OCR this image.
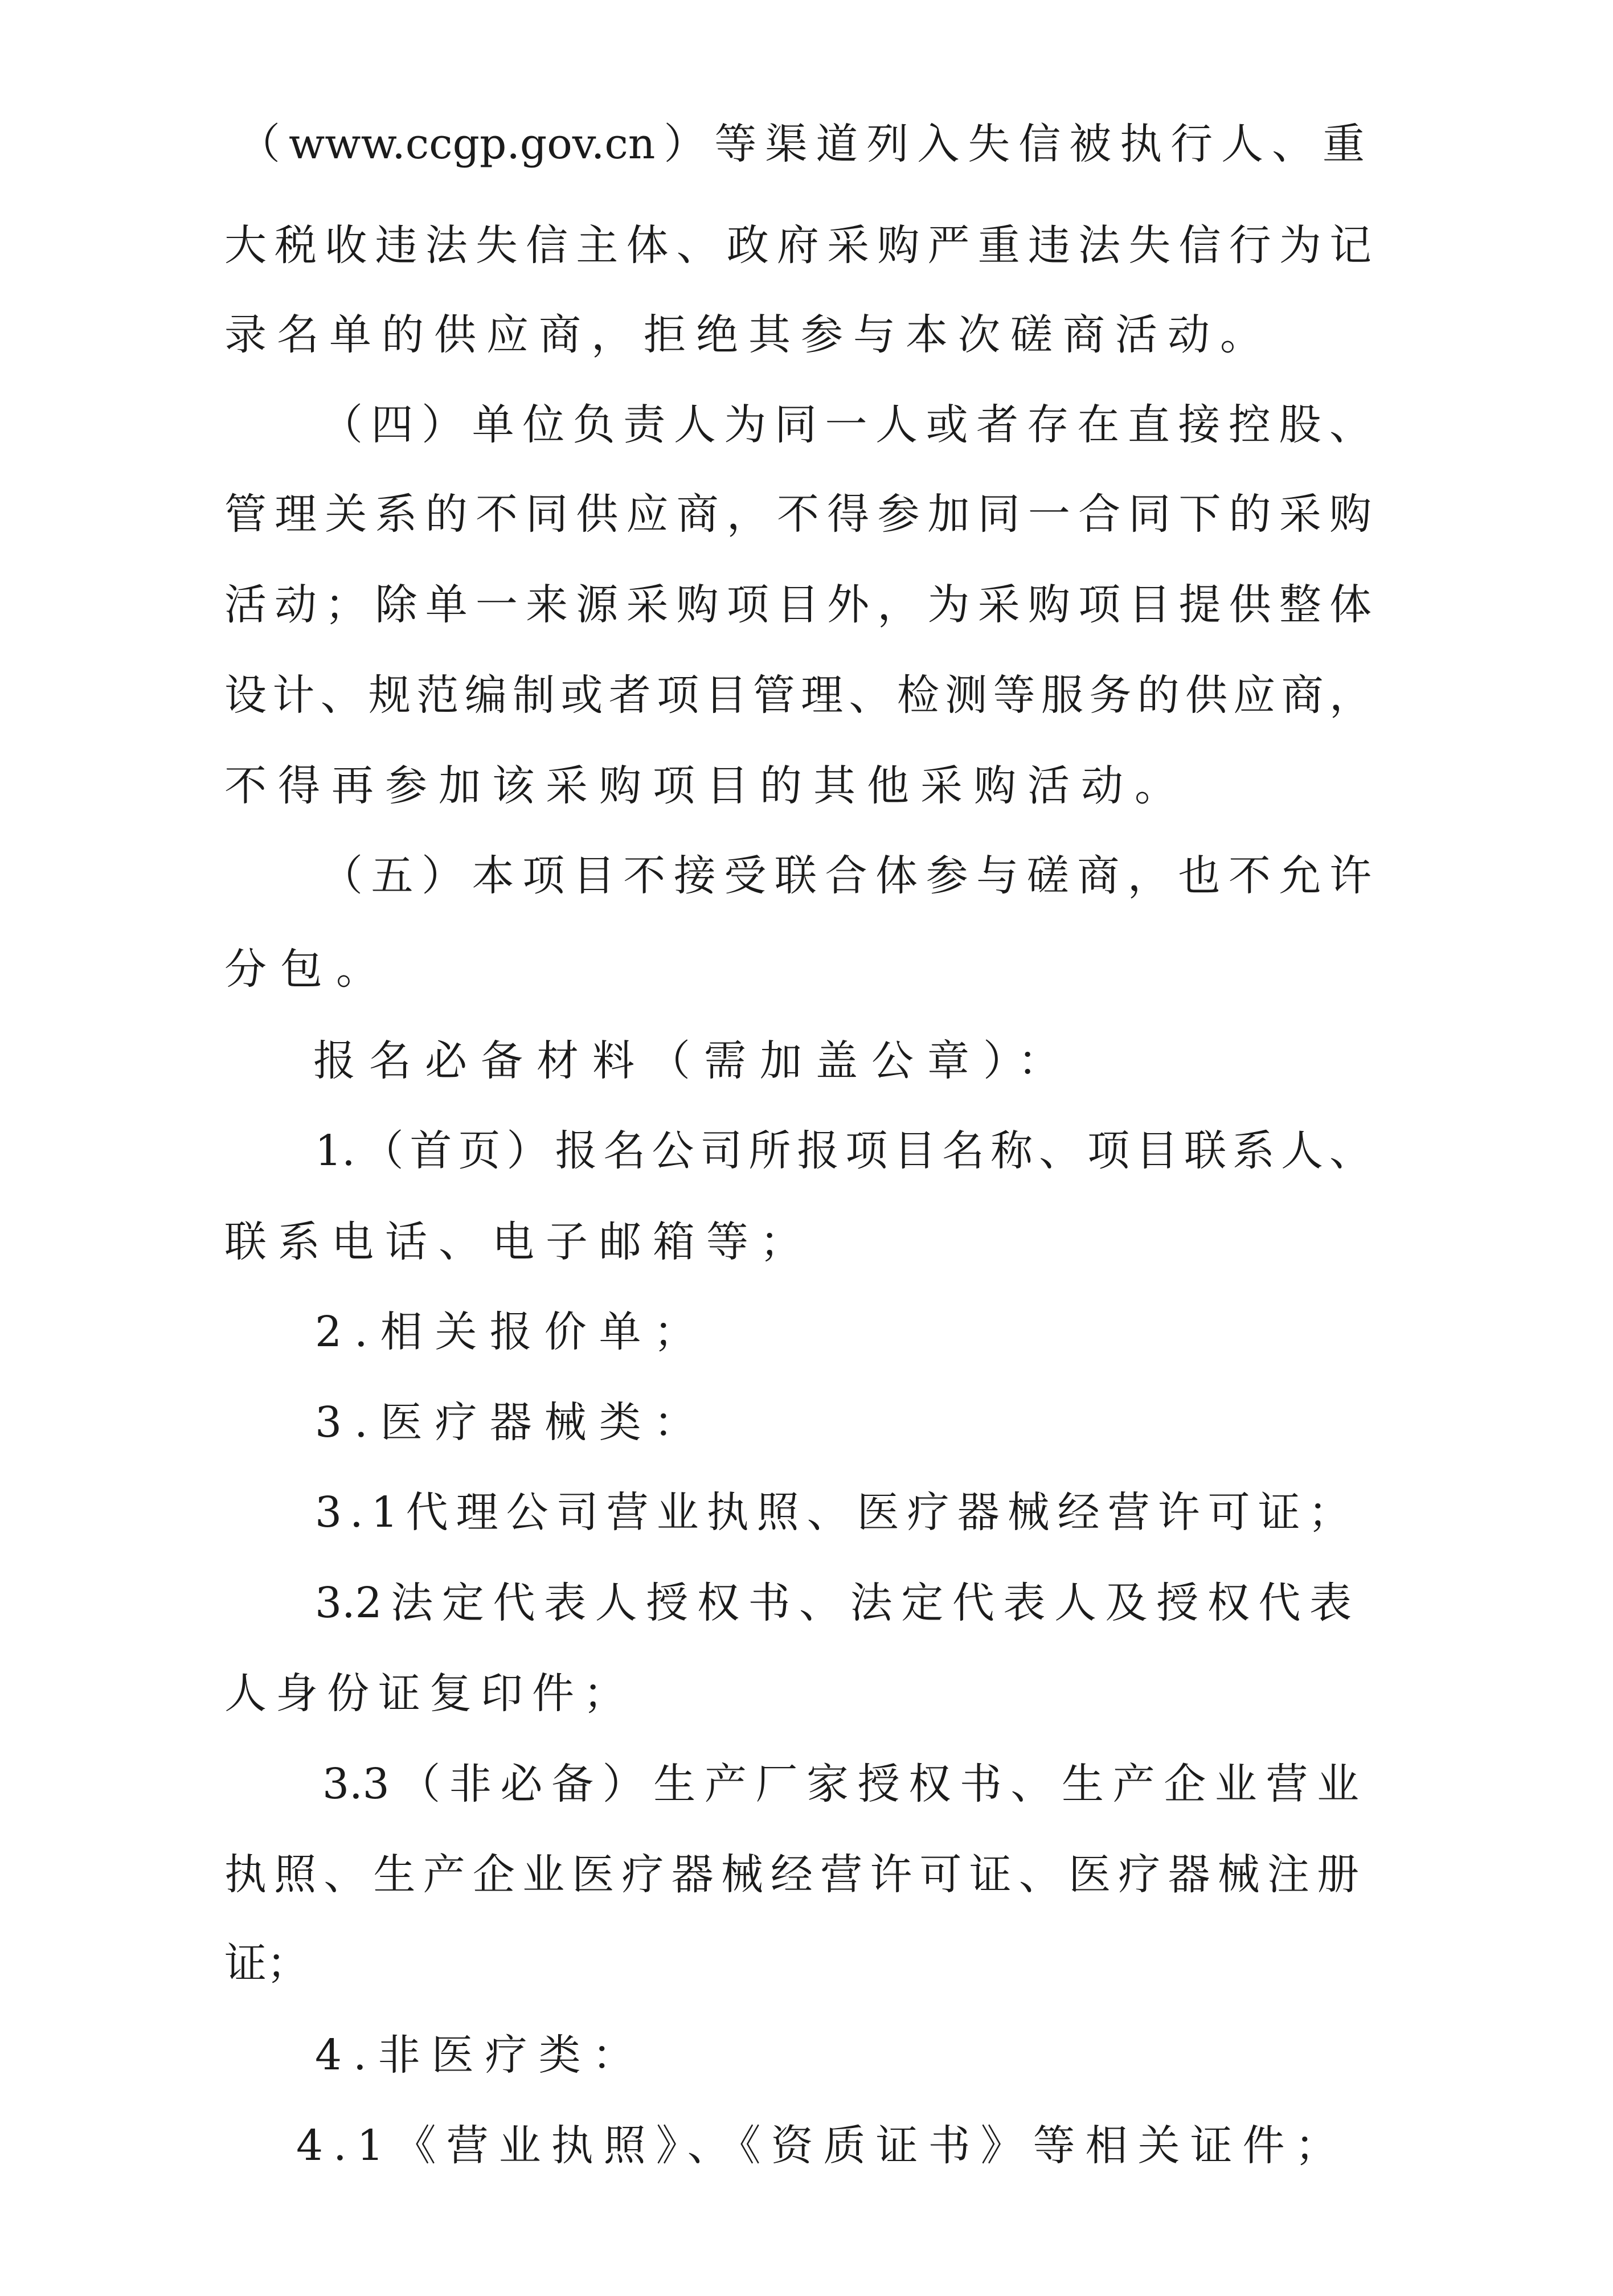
（www.ccgp.gov.cn）等渠道列入失信被执行人、重
大税收违法失信主体、政府采购严重违法失信行为记
录名单的供应商，拒绝其参与本次磋商活动。
（四）单位负责人为同一人或者存在直接控股、
管理关系的不同供应商，不得参加同一合同下的采购
活动；除单一来源采购项目外，为采购项目提供整体
设计、规范编制或者项目管理、检测等服务的供应商，
不得再参加该采购项目的其他采购活动。
（五）本项目不接受联合体参与磋商，也不允许
分包。
报名必备材料（需加盖公章）：
1.（首页）报名公司所报项目名称、项目联系人、
联系电话、电子邮箱等；
2.相关报价单；
3.医疗器械类：
3.1代理公司营业执照、医疗器械经营许可证；
3.2法定代表人授权书、法定代表人及授权代表
人身份证复印件；
3.3（非必备）生产厂家授权书、生产企业营业
执照、生产企业医疗器械经营许可证、医疗器械注册
证；
4.非医疗类：
4.1《营业执照》、《资质证书》等相关证件；
